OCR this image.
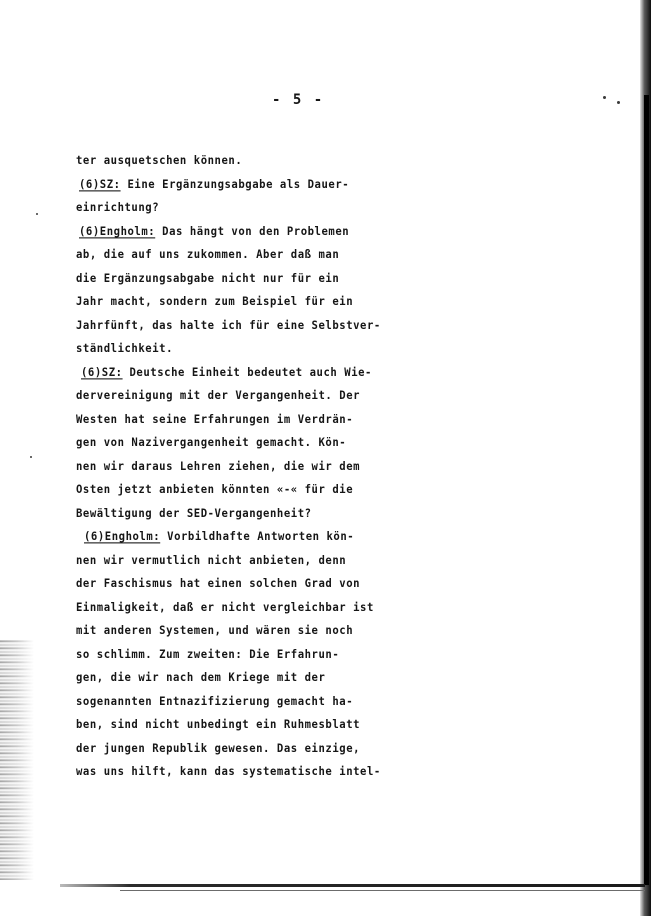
- 5 -
ter ausquetschen können.
(6)SZ: Eine Ergänzungsabgabe als Dauer-
einrichtung?
(6)Engholm: Das hängt von den Problemen
ab, die auf uns zukommen. Aber daß man
die Ergänzungsabgabe nicht nur für ein
Jahr macht, sondern zum Beispiel für ein
Jahrfünft, das halte ich für eine Selbstver-
ständlichkeit.
(6)SZ: Deutsche Einheit bedeutet auch Wie-
dervereinigung mit der Vergangenheit. Der
Westen hat seine Erfahrungen im Verdrän-
gen von Nazivergangenheit gemacht. Kön-
nen wir daraus Lehren ziehen, die wir dem
Osten jetzt anbieten könnten «-« für die
Bewältigung der SED-Vergangenheit?
(6)Engholm: Vorbildhafte Antworten kön-
nen wir vermutlich nicht anbieten, denn
der Faschismus hat einen solchen Grad von
Einmaligkeit, daß er nicht vergleichbar ist
mit anderen Systemen, und wären sie noch
so schlimm. Zum zweiten: Die Erfahrun-
gen, die wir nach dem Kriege mit der
sogenannten Entnazifizierung gemacht ha-
ben, sind nicht unbedingt ein Ruhmesblatt
der jungen Republik gewesen. Das einzige,
was uns hilft, kann das systematische intel-
